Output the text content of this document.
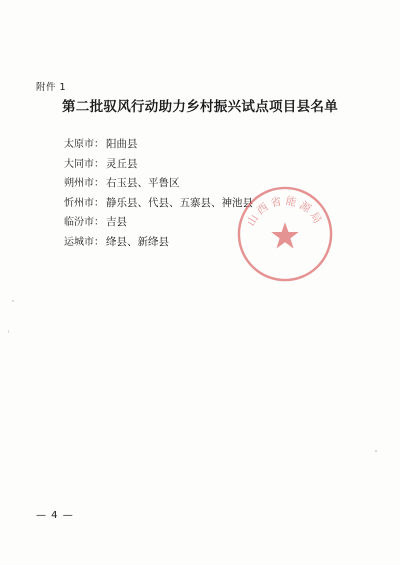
附件 1
第二批驭风行动助力乡村振兴试点项目县名单
太原市： 阳曲县
大同市： 灵丘县
朔州市： 右玉县、平鲁区
忻州市： 静乐县、代县、五寨县、神池县
临汾市： 吉县
运城市： 绛县、新绛县
山西省能源局
— 4 —
